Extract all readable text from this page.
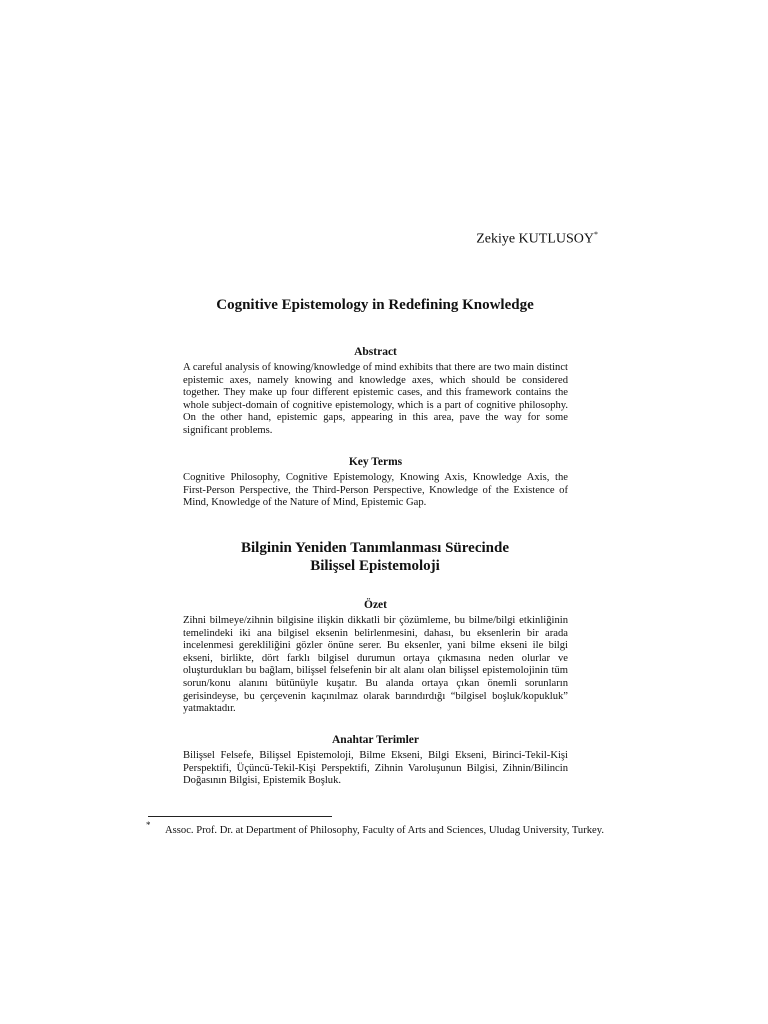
Zekiye KUTLUSOY*
Cognitive Epistemology in Redefining Knowledge
Abstract
A careful analysis of knowing/knowledge of mind exhibits that there are two main distinct epistemic axes, namely knowing and knowledge axes, which should be considered together. They make up four different epistemic cases, and this framework contains the whole subject-domain of cognitive epistemology, which is a part of cognitive philosophy. On the other hand, epistemic gaps, appearing in this area, pave the way for some significant problems.
Key Terms
Cognitive Philosophy, Cognitive Epistemology, Knowing Axis, Knowledge Axis, the First-Person Perspective, the Third-Person Perspective, Knowledge of the Existence of Mind, Knowledge of the Nature of Mind, Epistemic Gap.
Bilginin Yeniden Tanımlanması Sürecinde
Bilişsel Epistemoloji
Özet
Zihni bilmeye/zihnin bilgisine ilişkin dikkatli bir çözümleme, bu bilme/bilgi etkinliğinin temelindeki iki ana bilgisel eksenin belirlenmesini, dahası, bu eksenlerin bir arada incelenmesi gerekliliğini gözler önüne serer. Bu eksenler, yani bilme ekseni ile bilgi ekseni, birlikte, dört farklı bilgisel durumun ortaya çıkmasına neden olurlar ve oluşturdukları bu bağlam, bilişsel felsefenin bir alt alanı olan bilişsel epistemolojinin tüm sorun/konu alanını bütünüyle kuşatır. Bu alanda ortaya çıkan önemli sorunların gerisindeyse, bu çerçevenin kaçınılmaz olarak barındırdığı “bilgisel boşluk/kopukluk” yatmaktadır.
Anahtar Terimler
Bilişsel Felsefe, Bilişsel Epistemoloji, Bilme Ekseni, Bilgi Ekseni, Birinci-Tekil-Kişi Perspektifi, Üçüncü-Tekil-Kişi Perspektifi, Zihnin Varoluşunun Bilgisi, Zihnin/Bilincin Doğasının Bilgisi, Epistemik Boşluk.
* Assoc. Prof. Dr. at Department of Philosophy, Faculty of Arts and Sciences, Uludag University, Turkey.
